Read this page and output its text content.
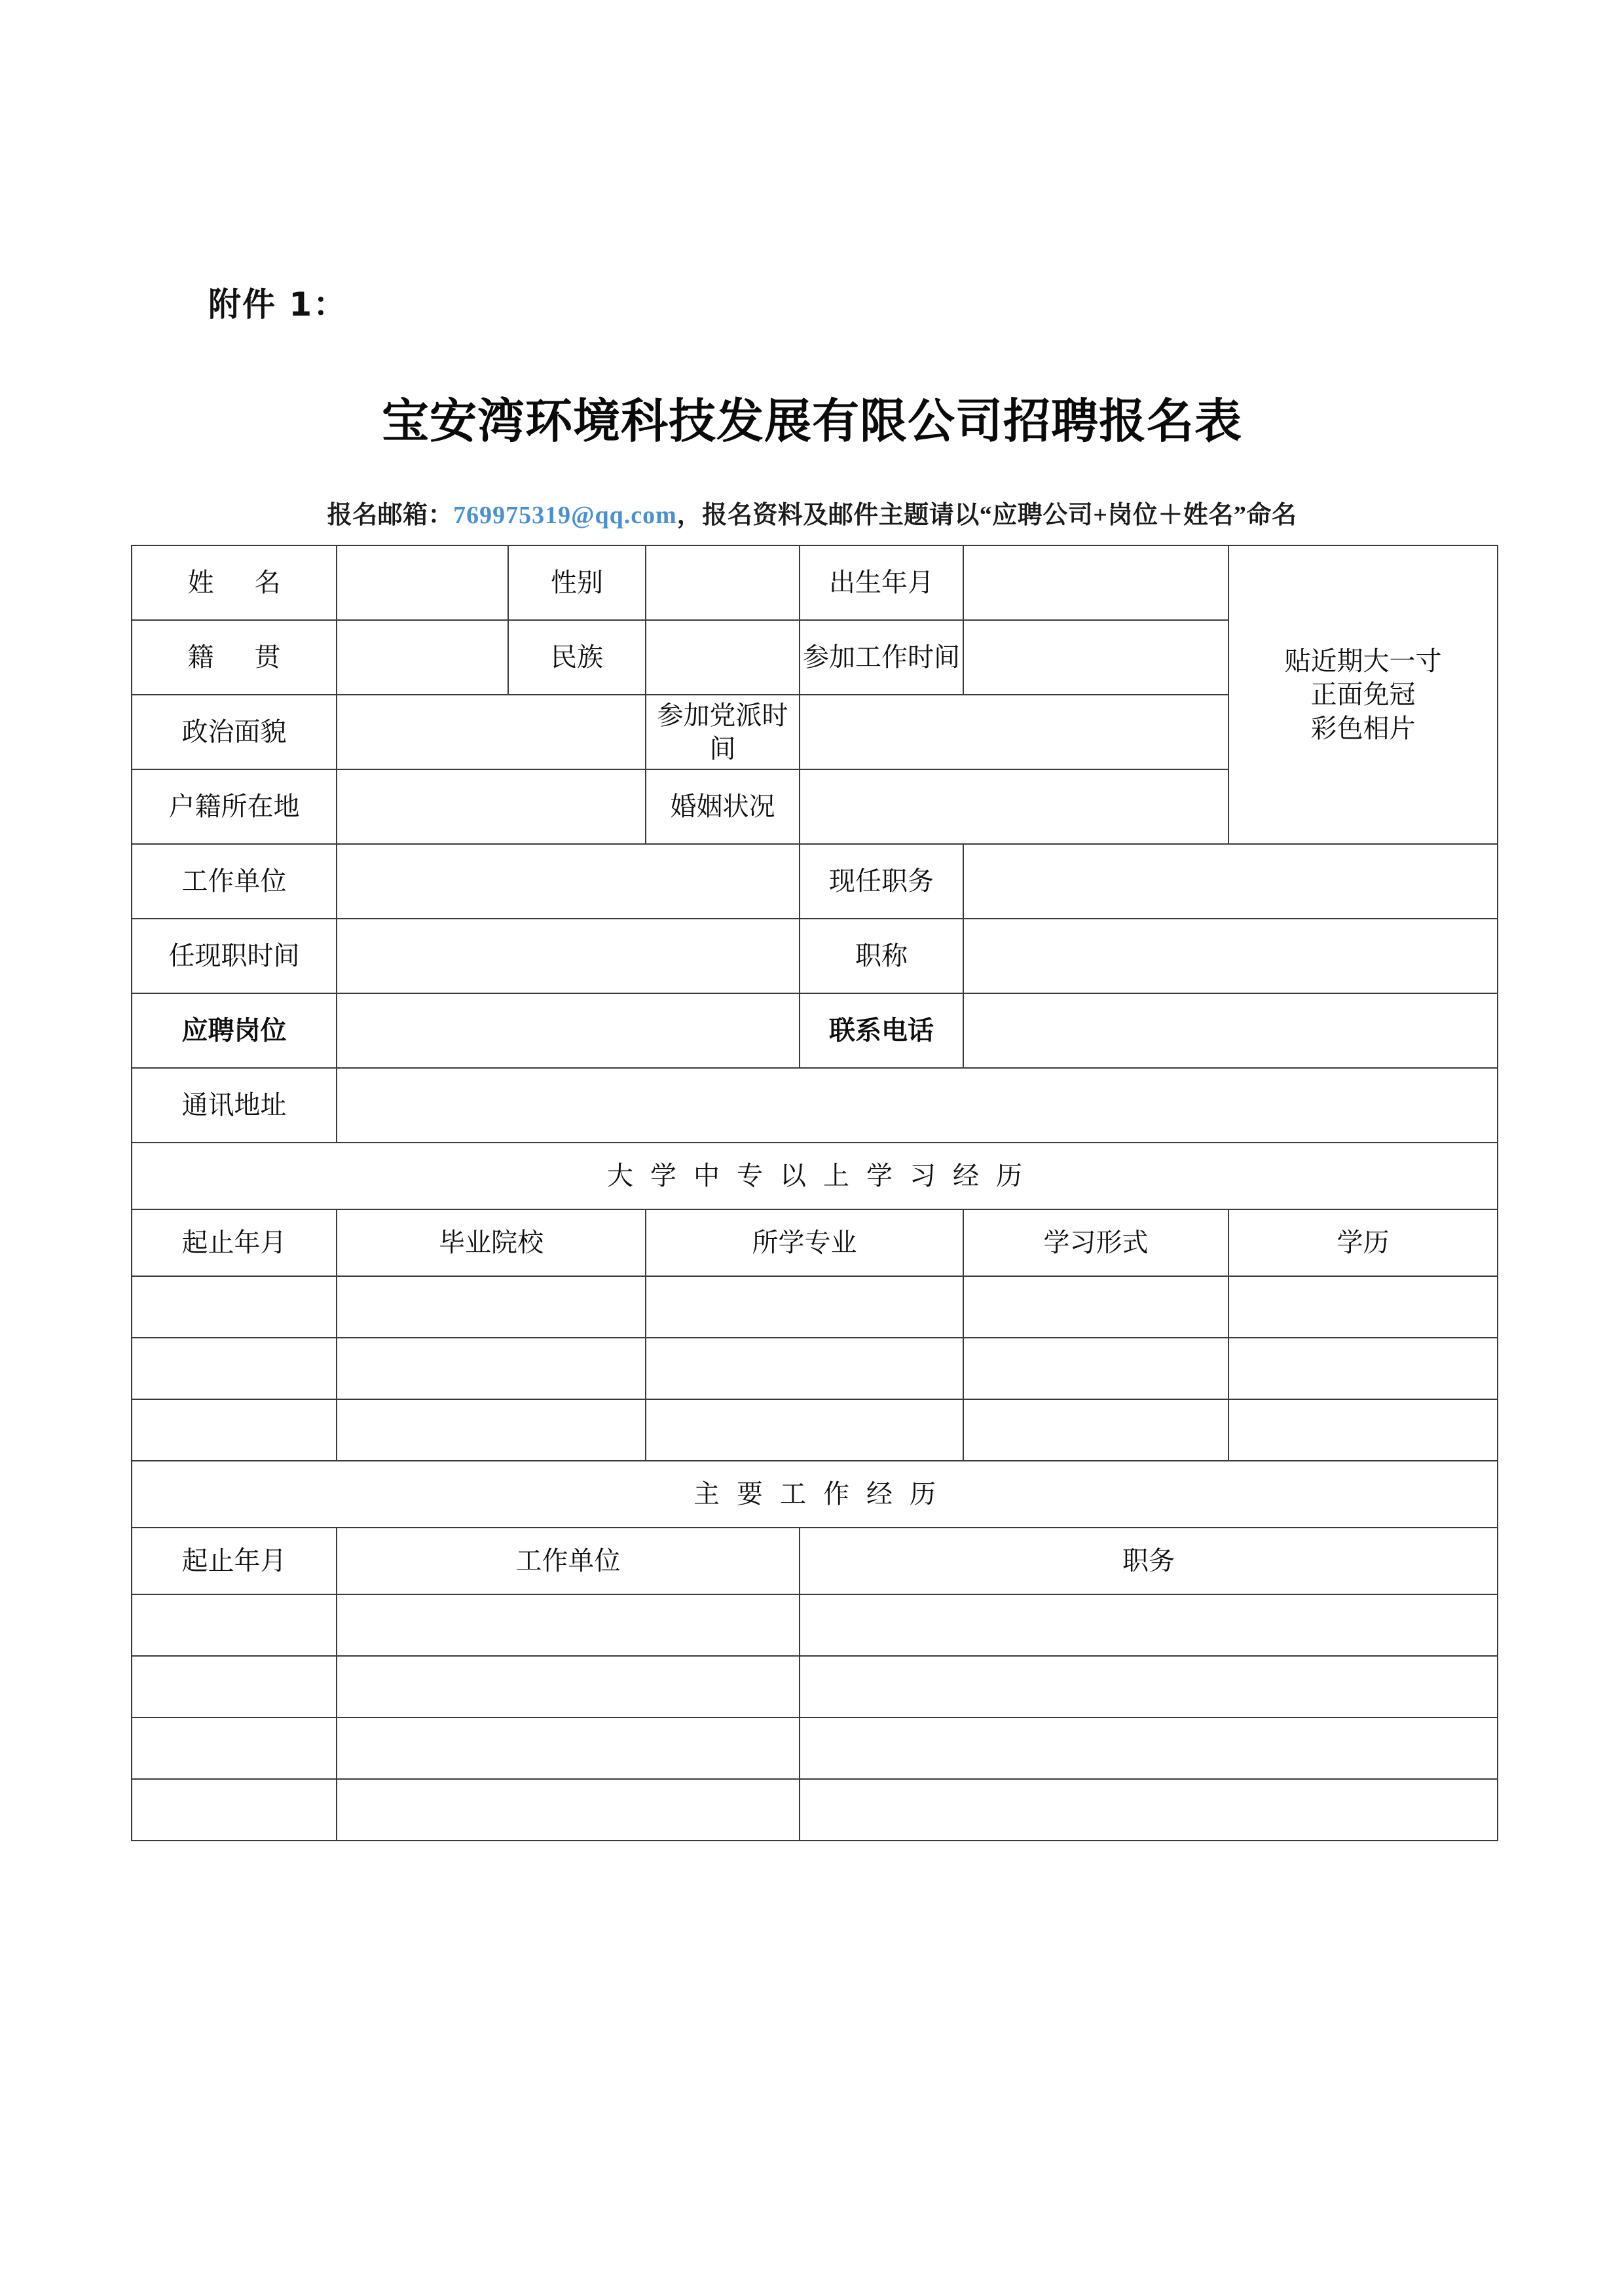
附件 1：
宝安湾环境科技发展有限公司招聘报名表
报名邮箱：769975319@qq.com，报名资料及邮件主题请以“应聘公司+岗位＋姓名”命名
姓 名		性别		出生年月		贴近期大一寸
正面免冠
彩色相片

籍 贯		民族		参加工作时间		
政治面貌			参加党派时间			
户籍所在地			婚姻状况			
工作单位				现任职务		
任现职时间				职称		
应聘岗位				联系电话		
通讯地址						
大学中专以上学习经历						
起止年月	毕业院校		所学专业		学习形式	学历

主要工作经历						
起止年月	工作单位			职务		
